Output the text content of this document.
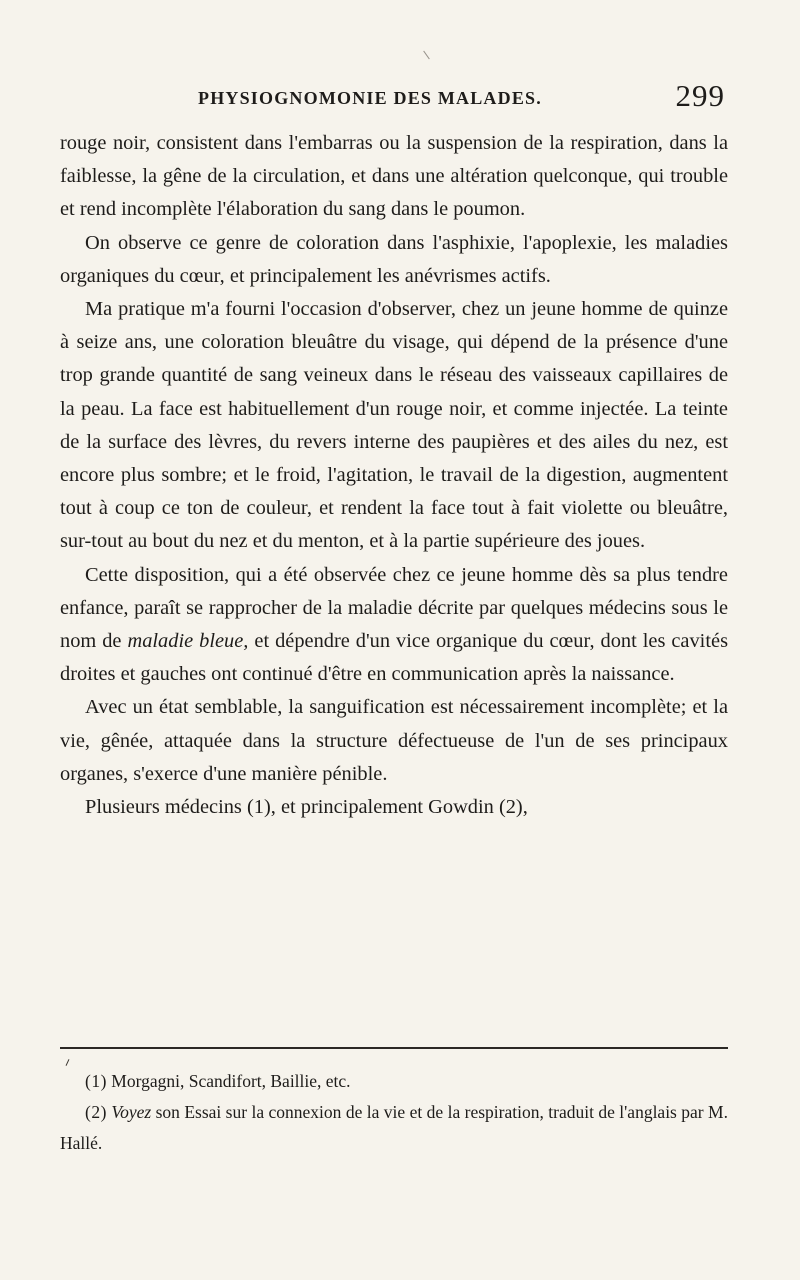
PHYSIOGNOMONIE DES MALADES.	299

rouge noir, consistent dans l'embarras ou la suspension de la respiration, dans la faiblesse, la gêne de la circulation, et dans une altération quelconque, qui trouble et rend incomplète l'élaboration du sang dans le poumon.

On observe ce genre de coloration dans l'asphixie, l'apoplexie, les maladies organiques du cœur, et principalement les anévrismes actifs.

Ma pratique m'a fourni l'occasion d'observer, chez un jeune homme de quinze à seize ans, une coloration bleuâtre du visage, qui dépend de la présence d'une trop grande quantité de sang veineux dans le réseau des vaisseaux capillaires de la peau. La face est habituellement d'un rouge noir, et comme injectée. La teinte de la surface des lèvres, du revers interne des paupières et des ailes du nez, est encore plus sombre; et le froid, l'agitation, le travail de la digestion, augmentent tout à coup ce ton de couleur, et rendent la face tout à fait violette ou bleuâtre, sur-tout au bout du nez et du menton, et à la partie supérieure des joues.

Cette disposition, qui a été observée chez ce jeune homme dès sa plus tendre enfance, paraît se rapprocher de la maladie décrite par quelques médecins sous le nom de maladie bleue, et dépendre d'un vice organique du cœur, dont les cavités droites et gauches ont continué d'être en communication après la naissance.

Avec un état semblable, la sanguification est nécessairement incomplète; et la vie, gênée, attaquée dans la structure défectueuse de l'un de ses principaux organes, s'exerce d'une manière pénible.

Plusieurs médecins (1), et principalement Gowdin (2),

(1) Morgagni, Scandifort, Baillie, etc.

(2) Voyez son Essai sur la connexion de la vie et de la respiration, traduit de l'anglais par M. Hallé.
